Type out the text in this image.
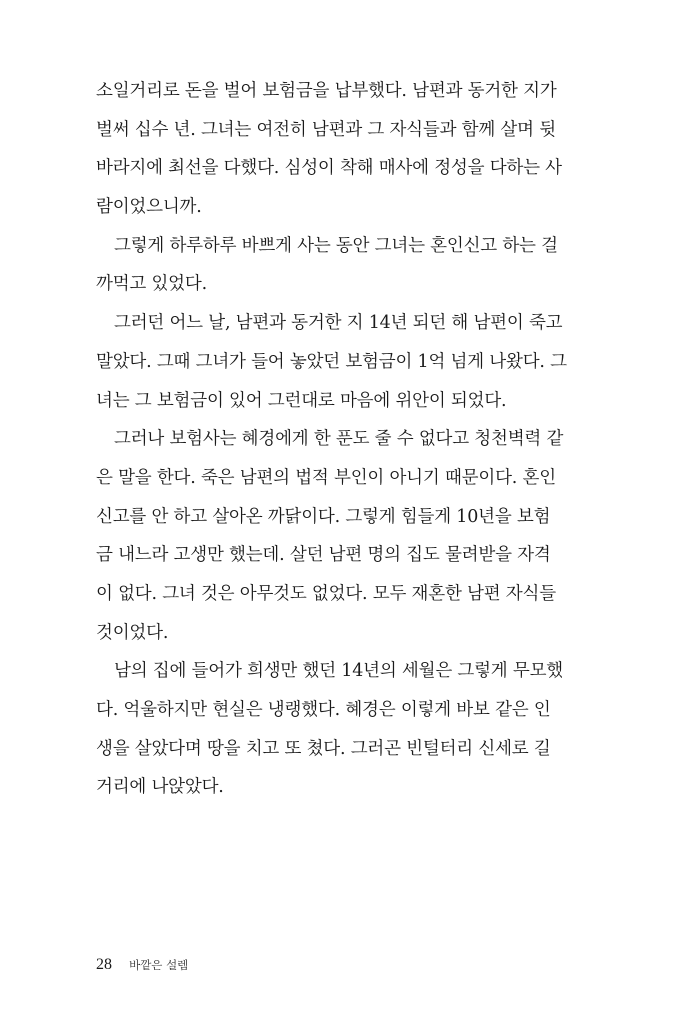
소일거리로 돈을 벌어 보험금을 납부했다. 남편과 동거한 지가
벌써 십수 년. 그녀는 여전히 남편과 그 자식들과 함께 살며 뒷
바라지에 최선을 다했다. 심성이 착해 매사에 정성을 다하는 사
람이었으니까.
그렇게 하루하루 바쁘게 사는 동안 그녀는 혼인신고 하는 걸
까먹고 있었다.
그러던 어느 날, 남편과 동거한 지 14년 되던 해 남편이 죽고
말았다. 그때 그녀가 들어 놓았던 보험금이 1억 넘게 나왔다. 그
녀는 그 보험금이 있어 그런대로 마음에 위안이 되었다.
그러나 보험사는 혜경에게 한 푼도 줄 수 없다고 청천벽력 같
은 말을 한다. 죽은 남편의 법적 부인이 아니기 때문이다. 혼인
신고를 안 하고 살아온 까닭이다. 그렇게 힘들게 10년을 보험
금 내느라 고생만 했는데. 살던 남편 명의 집도 물려받을 자격
이 없다. 그녀 것은 아무것도 없었다. 모두 재혼한 남편 자식들
것이었다.
남의 집에 들어가 희생만 했던 14년의 세월은 그렇게 무모했
다. 억울하지만 현실은 냉랭했다. 혜경은 이렇게 바보 같은 인
생을 살았다며 땅을 치고 또 쳤다. 그러곤 빈털터리 신세로 길
거리에 나앉았다.
28 바깥은 설렘
